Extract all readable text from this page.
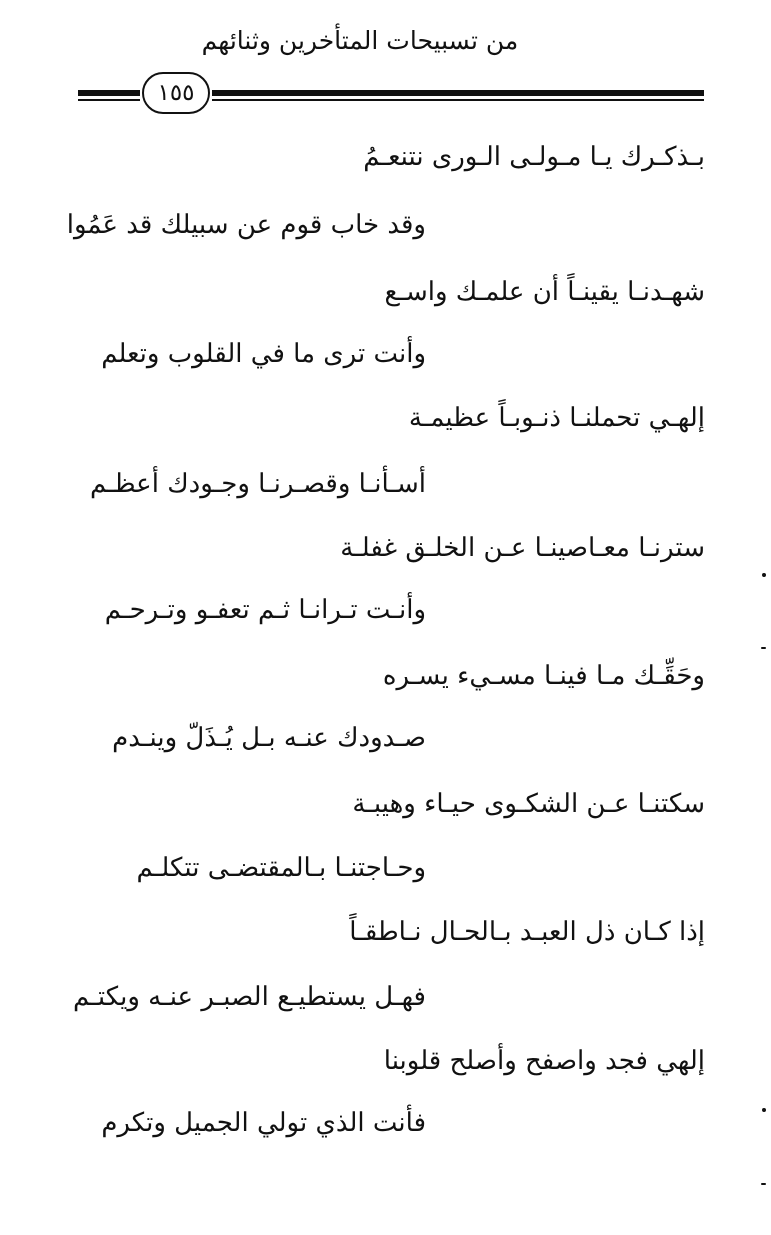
من تسبيحات المتأخرين وثنائهم
١٥٥
بـذكـرك يـا مـولـى الـورى نتنعـمُ
وقد خاب قوم عن سبيلك قد عَمُوا
شهـدنـا يقينـاً أن علمـك واسـع
وأنت ترى ما في القلوب وتعلم
إلهـي تحملنـا ذنـوبـاً عظيمـة
أسـأنـا وقصـرنـا وجـودك أعظـم
سترنـا معـاصينـا عـن الخلـق غفلـة
وأنـت تـرانـا ثـم تعفـو وتـرحـم
وحَقِّـك مـا فينـا مسـيء يسـره
صـدودك عنـه بـل يُـذَلّ وينـدم
سكتنـا عـن الشكـوى حيـاء وهيبـة
وحـاجتنـا بـالمقتضـى تتكلـم
إذا كـان ذل العبـد بـالحـال نـاطقـاً
فهـل يستطيـع الصبـر عنـه ويكتـم
إلهي فجد واصفح وأصلح قلوبنا
فأنت الذي تولي الجميل وتكرم
